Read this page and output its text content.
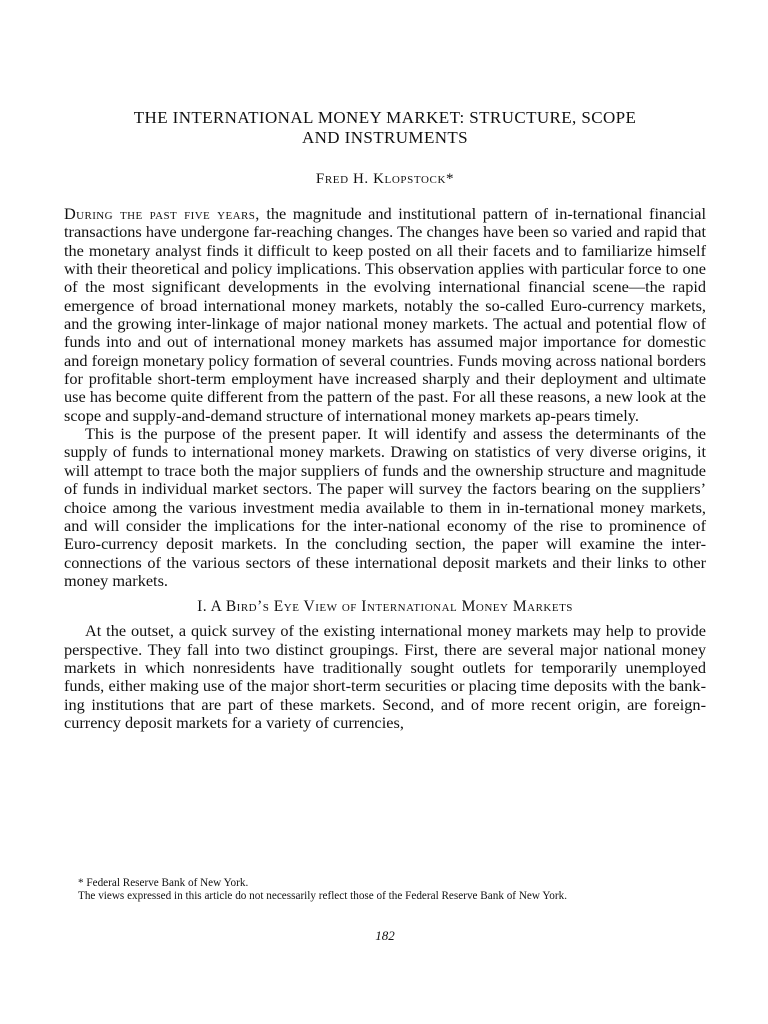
THE INTERNATIONAL MONEY MARKET: STRUCTURE, SCOPE
AND INSTRUMENTS

Fred H. Klopstock*

During the past five years, the magnitude and institutional pattern of in-ternational financial transactions have undergone far-reaching changes. The changes have been so varied and rapid that the monetary analyst finds it difficult to keep posted on all their facets and to familiarize himself with their theoretical and policy implications. This observation applies with particular force to one of the most significant developments in the evolving international financial scene—the rapid emergence of broad international money markets, notably the so-called Euro-currency markets, and the growing inter-linkage of major national money markets. The actual and potential flow of funds into and out of international money markets has assumed major importance for domestic and foreign monetary policy formation of several countries. Funds moving across national borders for profitable short-term employment have increased sharply and their deployment and ultimate use has become quite different from the pattern of the past. For all these reasons, a new look at the scope and supply-and-demand structure of international money markets ap-pears timely.

This is the purpose of the present paper. It will identify and assess the determinants of the supply of funds to international money markets. Drawing on statistics of very diverse origins, it will attempt to trace both the major suppliers of funds and the ownership structure and magnitude of funds in individual market sectors. The paper will survey the factors bearing on the suppliers’ choice among the various investment media available to them in in-ternational money markets, and will consider the implications for the inter-national economy of the rise to prominence of Euro-currency deposit markets. In the concluding section, the paper will examine the inter-connections of the various sectors of these international deposit markets and their links to other money markets.

I. A Bird’s Eye View of International Money Markets

At the outset, a quick survey of the existing international money markets may help to provide perspective. They fall into two distinct groupings. First, there are several major national money markets in which nonresidents have traditionally sought outlets for temporarily unemployed funds, either making use of the major short-term securities or placing time deposits with the bank-ing institutions that are part of these markets. Second, and of more recent origin, are foreign-currency deposit markets for a variety of currencies,

* Federal Reserve Bank of New York.

The views expressed in this article do not necessarily reflect those of the Federal Reserve Bank of New York.

182
